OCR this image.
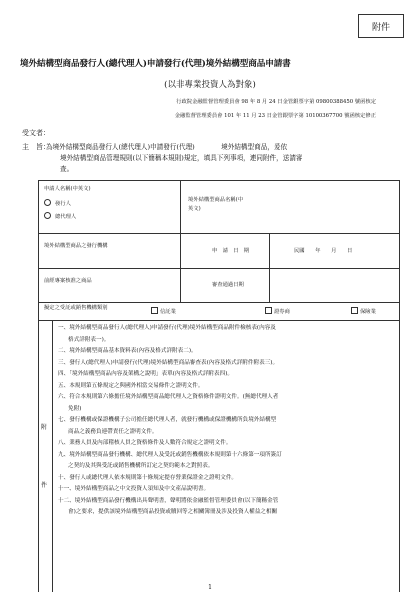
附件
境外結構型商品發行人(總代理人)申請發行(代理)境外結構型商品申請書
(以非專業投資人為對象)
行政院金融監督管理委員會 98 年 8 月 24 日金管銀票字第 09800388450 號函核定
金融監督管理委員會 101 年 11 月 23 日金管銀票字第 10100367700 號函核定修正
受文者：
主　旨：
為境外結構型商品發行人(總代理人)申請發行(代理)　　　　境外結構型商品，爰依
境外結構型商品管理規則(以下簡稱本規則)規定，填具下列事項，連同附件，送請審
查。
申請人名稱(中英文)
發行人
總代理人
境外結構型商品名稱(中英文)
境外結構型商品之發行機構
申　請　日　期	民國　　年　　月　　日
前經專案核准之商品
審查通過日期
擬定之受託或銷售機構類別
信託業	證券商	保險業
附
件
一、境外結構型商品發行人(總代理人)申請發行(代理)境外結構型商品附件檢核表(內容及
格式詳附表一)。
二、境外結構型商品基本資料表(內容及格式詳附表二)。
三、發行人(總代理人)申請發行(代理)境外結構型商品審查表(內容及格式詳附件附表三)。
四、「境外結構型商品內容及架構之說明」表單(內容及格式詳附表四)。
五、本規則第五條規定之與國外相當交易條件之證明文件。
六、符合本規則第六條擔任境外結構型商品總代理人之資格條件證明文件。(無總代理人者
免附)
七、發行機構或保證機構子公司擔任總代理人者，就發行機構或保證機構所負境外結構型
商品之義務負連帶責任之證明文件。
八、業務人員及內部稽核人員之資格條件及人數符合規定之證明文件。
九、境外結構型商品發行機構、總代理人及受託或銷售機構依本規則第十六條第一項所簽訂
之契約及其與受託或銷售機構所訂定之契約範本之對照表。
十、發行人或總代理人依本規則第十條規定提存營業保證金之證明文件。
十一、境外結構型商品之中文投資人須知及中文產品說明書。
十二、境外結構型商品發行機構出具聲明書，聲明將依金融監督管理委員會(以下簡稱金管
會)之要求，提供該境外結構型商品投資或贖回等之相關簿冊及涉及投資人權益之相關
1
